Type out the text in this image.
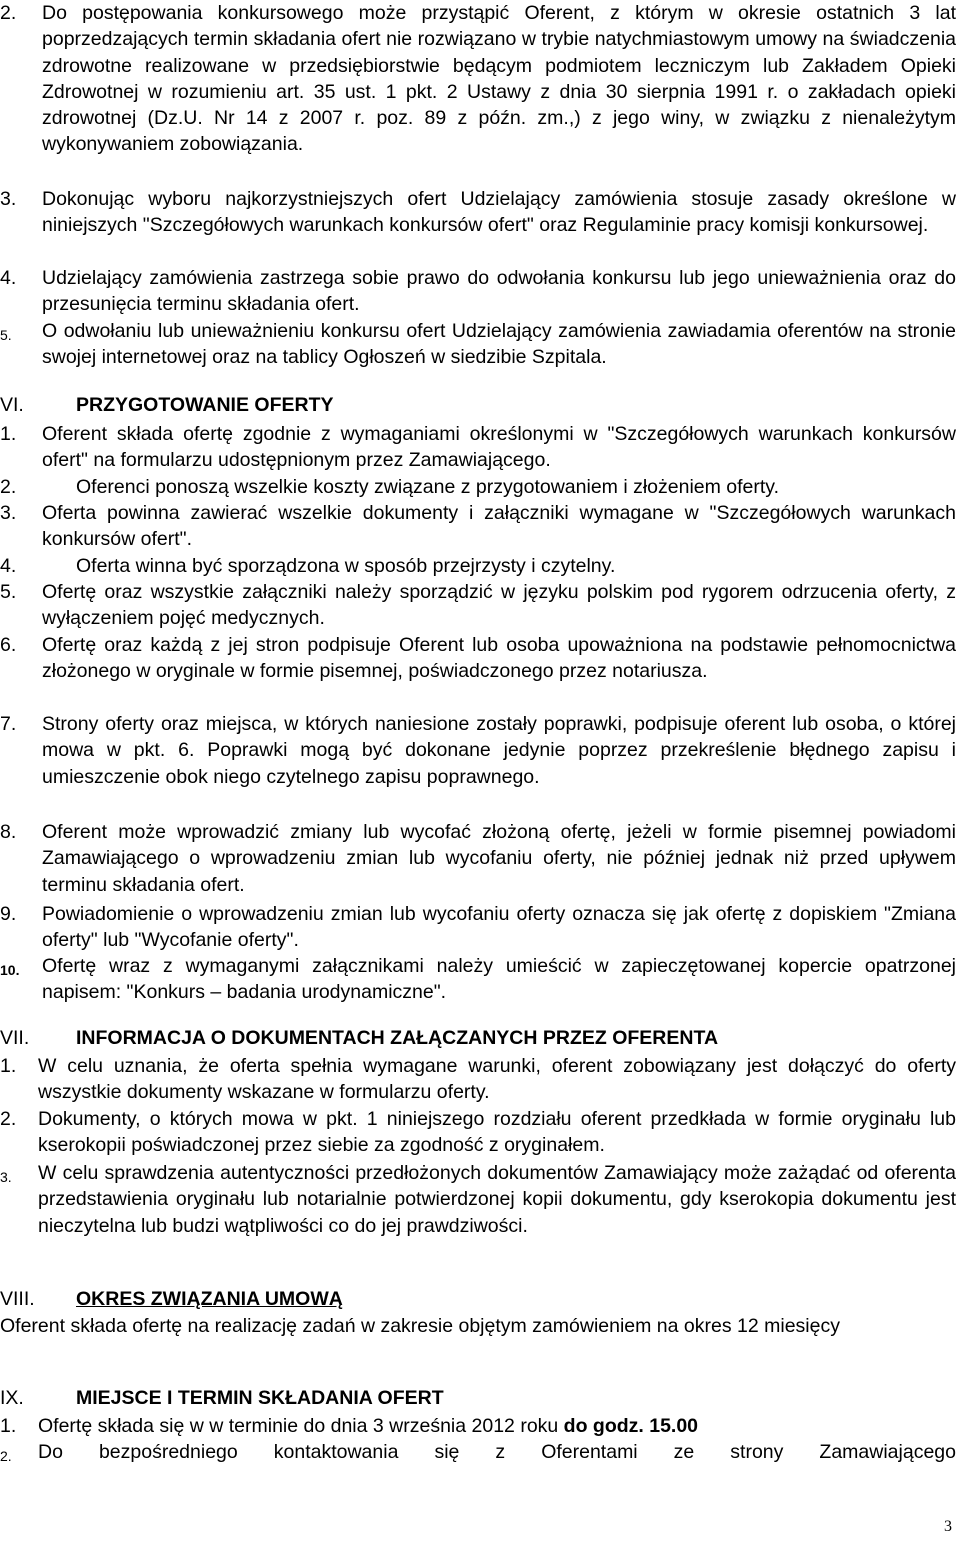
2. Do postępowania konkursowego może przystąpić Oferent, z którym w okresie ostatnich 3 lat poprzedzających termin składania ofert nie rozwiązano w trybie natychmiastowym umowy na świadczenia zdrowotne realizowane w przedsiębiorstwie będącym podmiotem leczniczym lub Zakładem Opieki Zdrowotnej w rozumieniu art. 35 ust. 1 pkt. 2 Ustawy z dnia 30 sierpnia 1991 r. o zakładach opieki zdrowotnej (Dz.U. Nr 14 z 2007 r. poz. 89 z późn. zm.,) z jego winy, w związku z nienależytym wykonywaniem zobowiązania.
3. Dokonując wyboru najkorzystniejszych ofert Udzielający zamówienia stosuje zasady określone w niniejszych "Szczegółowych warunkach konkursów ofert" oraz Regulaminie pracy komisji konkursowej.
4. Udzielający zamówienia zastrzega sobie prawo do odwołania konkursu lub jego unieważnienia oraz do przesunięcia terminu składania ofert.
5. O odwołaniu lub unieważnieniu konkursu ofert Udzielający zamówienia zawiadamia oferentów na stronie swojej internetowej oraz na tablicy Ogłoszeń w siedzibie Szpitala.
VI.	PRZYGOTOWANIE OFERTY
1. Oferent składa ofertę zgodnie z wymaganiami określonymi w "Szczegółowych warunkach konkursów ofert" na formularzu udostępnionym przez Zamawiającego.
2.	Oferenci ponoszą wszelkie koszty związane z przygotowaniem i złożeniem oferty.
3. Oferta powinna zawierać wszelkie dokumenty i załączniki wymagane w "Szczegółowych warunkach konkursów ofert".
4.	Oferta winna być sporządzona w sposób przejrzysty i czytelny.
5. Ofertę oraz wszystkie załączniki należy sporządzić w języku polskim pod rygorem odrzucenia oferty, z wyłączeniem pojęć medycznych.
6. Ofertę oraz każdą z jej stron podpisuje Oferent lub osoba upoważniona na podstawie pełnomocnictwa złożonego w oryginale w formie pisemnej, poświadczonego przez notariusza.
7. Strony oferty oraz miejsca, w których naniesione zostały poprawki, podpisuje oferent lub osoba, o której mowa w pkt. 6. Poprawki mogą być dokonane jedynie poprzez przekreślenie błędnego zapisu i umieszczenie obok niego czytelnego zapisu poprawnego.
8. Oferent może wprowadzić zmiany lub wycofać złożoną ofertę, jeżeli w formie pisemnej powiadomi Zamawiającego o wprowadzeniu zmian lub wycofaniu oferty, nie później jednak niż przed upływem terminu składania ofert.
9. Powiadomienie o wprowadzeniu zmian lub wycofaniu oferty oznacza się jak ofertę z dopiskiem "Zmiana oferty" lub "Wycofanie oferty".
10. Ofertę wraz z wymaganymi załącznikami należy umieścić w zapieczętowanej kopercie opatrzonej napisem: "Konkurs – badania urodynamiczne".
VII. INFORMACJA O DOKUMENTACH ZAŁĄCZANYCH PRZEZ OFERENTA
1. W celu uznania, że oferta spełnia wymagane warunki, oferent zobowiązany jest dołączyć do oferty wszystkie dokumenty wskazane w formularzu oferty.
2. Dokumenty, o których mowa w pkt. 1 niniejszego rozdziału oferent przedkłada w formie oryginału lub kserokopii poświadczonej przez siebie za zgodność z oryginałem.
3. W celu sprawdzenia autentyczności przedłożonych dokumentów Zamawiający może zażądać od oferenta przedstawienia oryginału lub notarialnie potwierdzonej kopii dokumentu, gdy kserokopia dokumentu jest nieczytelna lub budzi wątpliwości co do jej prawdziwości.
VIII. OKRES ZWIĄZANIA UMOWĄ
Oferent składa ofertę na realizację zadań w zakresie objętym zamówieniem na okres 12 miesięcy
IX.	MIEJSCE I TERMIN SKŁADANIA OFERT
1. Ofertę składa się w w terminie do dnia 3 września 2012 roku do godz. 15.00
2. Do bezpośredniego kontaktowania się z Oferentami ze strony Zamawiającego
3
